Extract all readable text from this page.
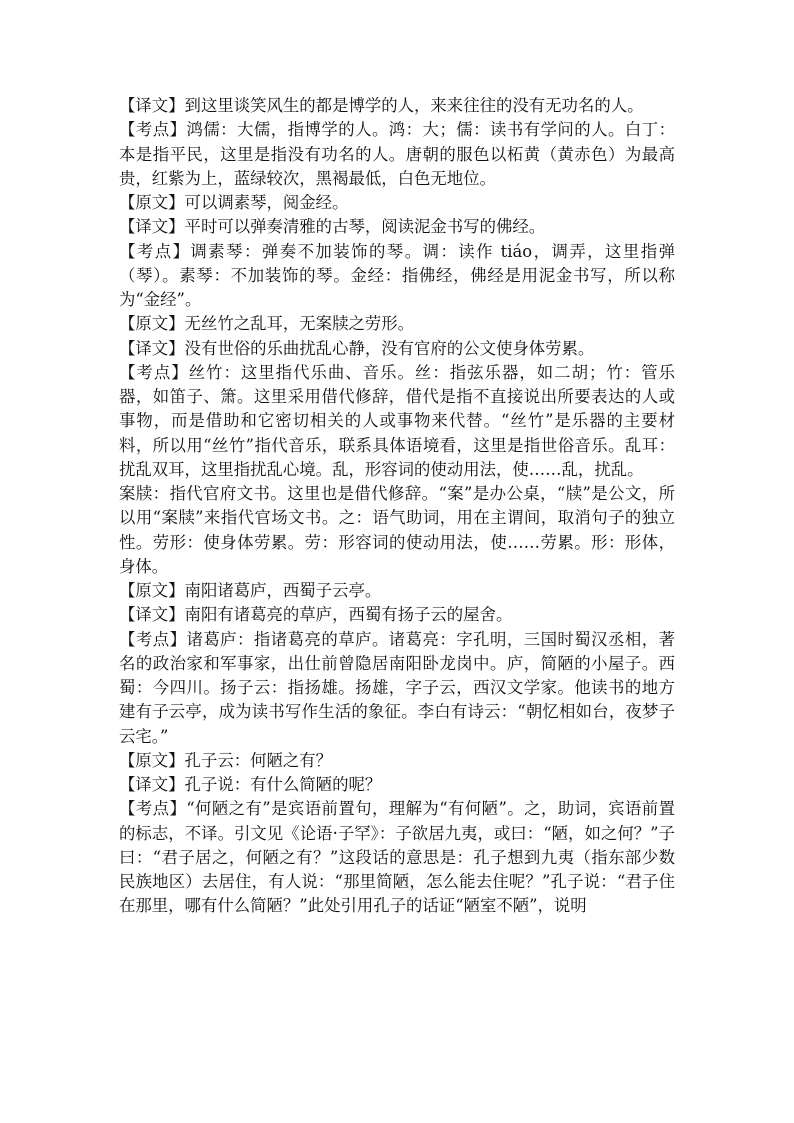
【译文】到这里谈笑风生的都是博学的人，来来往往的没有无功名的人。

【考点】鸿儒：大儒，指博学的人。鸿：大；儒：读书有学问的人。白丁：本是指平民，这里是指没有功名的人。唐朝的服色以柘黄（黄赤色）为最高贵，红紫为上，蓝绿较次，黑褐最低，白色无地位。

【原文】可以调素琴，阅金经。

【译文】平时可以弹奏清雅的古琴，阅读泥金书写的佛经。

【考点】调素琴：弹奏不加装饰的琴。调：读作 tiáo，调弄，这里指弹（琴）。素琴：不加装饰的琴。金经：指佛经，佛经是用泥金书写，所以称为“金经”。

【原文】无丝竹之乱耳，无案牍之劳形。

【译文】没有世俗的乐曲扰乱心静，没有官府的公文使身体劳累。

【考点】丝竹：这里指代乐曲、音乐。丝：指弦乐器，如二胡；竹：管乐器，如笛子、箫。这里采用借代修辞，借代是指不直接说出所要表达的人或事物，而是借助和它密切相关的人或事物来代替。“丝竹”是乐器的主要材料，所以用“丝竹”指代音乐，联系具体语境看，这里是指世俗音乐。乱耳：扰乱双耳，这里指扰乱心境。乱，形容词的使动用法，使……乱，扰乱。

案牍：指代官府文书。这里也是借代修辞。“案”是办公桌，“牍”是公文，所以用“案牍”来指代官场文书。之：语气助词，用在主谓间，取消句子的独立性。劳形：使身体劳累。劳：形容词的使动用法，使……劳累。形：形体，身体。

【原文】南阳诸葛庐，西蜀子云亭。

【译文】南阳有诸葛亮的草庐，西蜀有扬子云的屋舍。

【考点】诸葛庐：指诸葛亮的草庐。诸葛亮：字孔明，三国时蜀汉丞相，著名的政治家和军事家，出仕前曾隐居南阳卧龙岗中。庐，简陋的小屋子。西蜀：今四川。扬子云：指扬雄。扬雄，字子云，西汉文学家。他读书的地方建有子云亭，成为读书写作生活的象征。李白有诗云：“朝忆相如台，夜梦子云宅。”

【原文】孔子云：何陋之有？

【译文】孔子说：有什么简陋的呢？

【考点】“何陋之有”是宾语前置句，理解为“有何陋”。之，助词，宾语前置的标志，不译。引文见《论语·子罕》：子欲居九夷，或曰：“陋，如之何？”子曰：“君子居之，何陋之有？”这段话的意思是：孔子想到九夷（指东部少数民族地区）去居住，有人说：“那里简陋，怎么能去住呢？”孔子说：“君子住在那里，哪有什么简陋？”此处引用孔子的话证“陋室不陋”，说明
